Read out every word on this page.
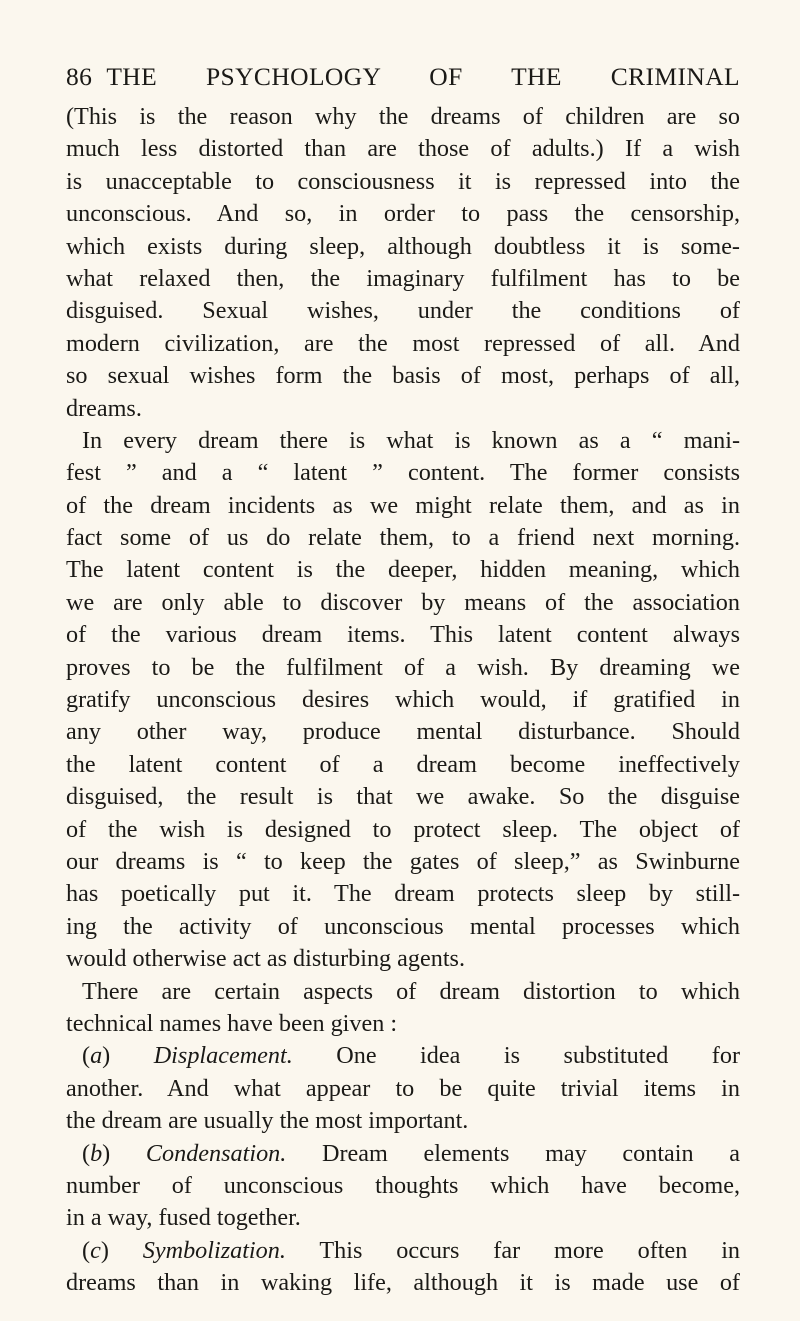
86 THE PSYCHOLOGY OF THE CRIMINAL

(This is the reason why the dreams of children are so
much less distorted than are those of adults.) If a wish
is unacceptable to consciousness it is repressed into the
unconscious. And so, in order to pass the censorship,
which exists during sleep, although doubtless it is some-
what relaxed then, the imaginary fulfilment has to be
disguised. Sexual wishes, under the conditions of
modern civilization, are the most repressed of all. And
so sexual wishes form the basis of most, perhaps of all,
dreams.

In every dream there is what is known as a “ mani-
fest ” and a “ latent ” content. The former consists
of the dream incidents as we might relate them, and as in
fact some of us do relate them, to a friend next morning.
The latent content is the deeper, hidden meaning, which
we are only able to discover by means of the association
of the various dream items. This latent content always
proves to be the fulfilment of a wish. By dreaming we
gratify unconscious desires which would, if gratified in
any other way, produce mental disturbance. Should
the latent content of a dream become ineffectively
disguised, the result is that we awake. So the disguise
of the wish is designed to protect sleep. The object of
our dreams is “ to keep the gates of sleep,” as Swinburne
has poetically put it. The dream protects sleep by still-
ing the activity of unconscious mental processes which
would otherwise act as disturbing agents.

There are certain aspects of dream distortion to which
technical names have been given :

(a) Displacement. One idea is substituted for
another. And what appear to be quite trivial items in
the dream are usually the most important.

(b) Condensation. Dream elements may contain a
number of unconscious thoughts which have become,
in a way, fused together.

(c) Symbolization. This occurs far more often in
dreams than in waking life, although it is made use of
